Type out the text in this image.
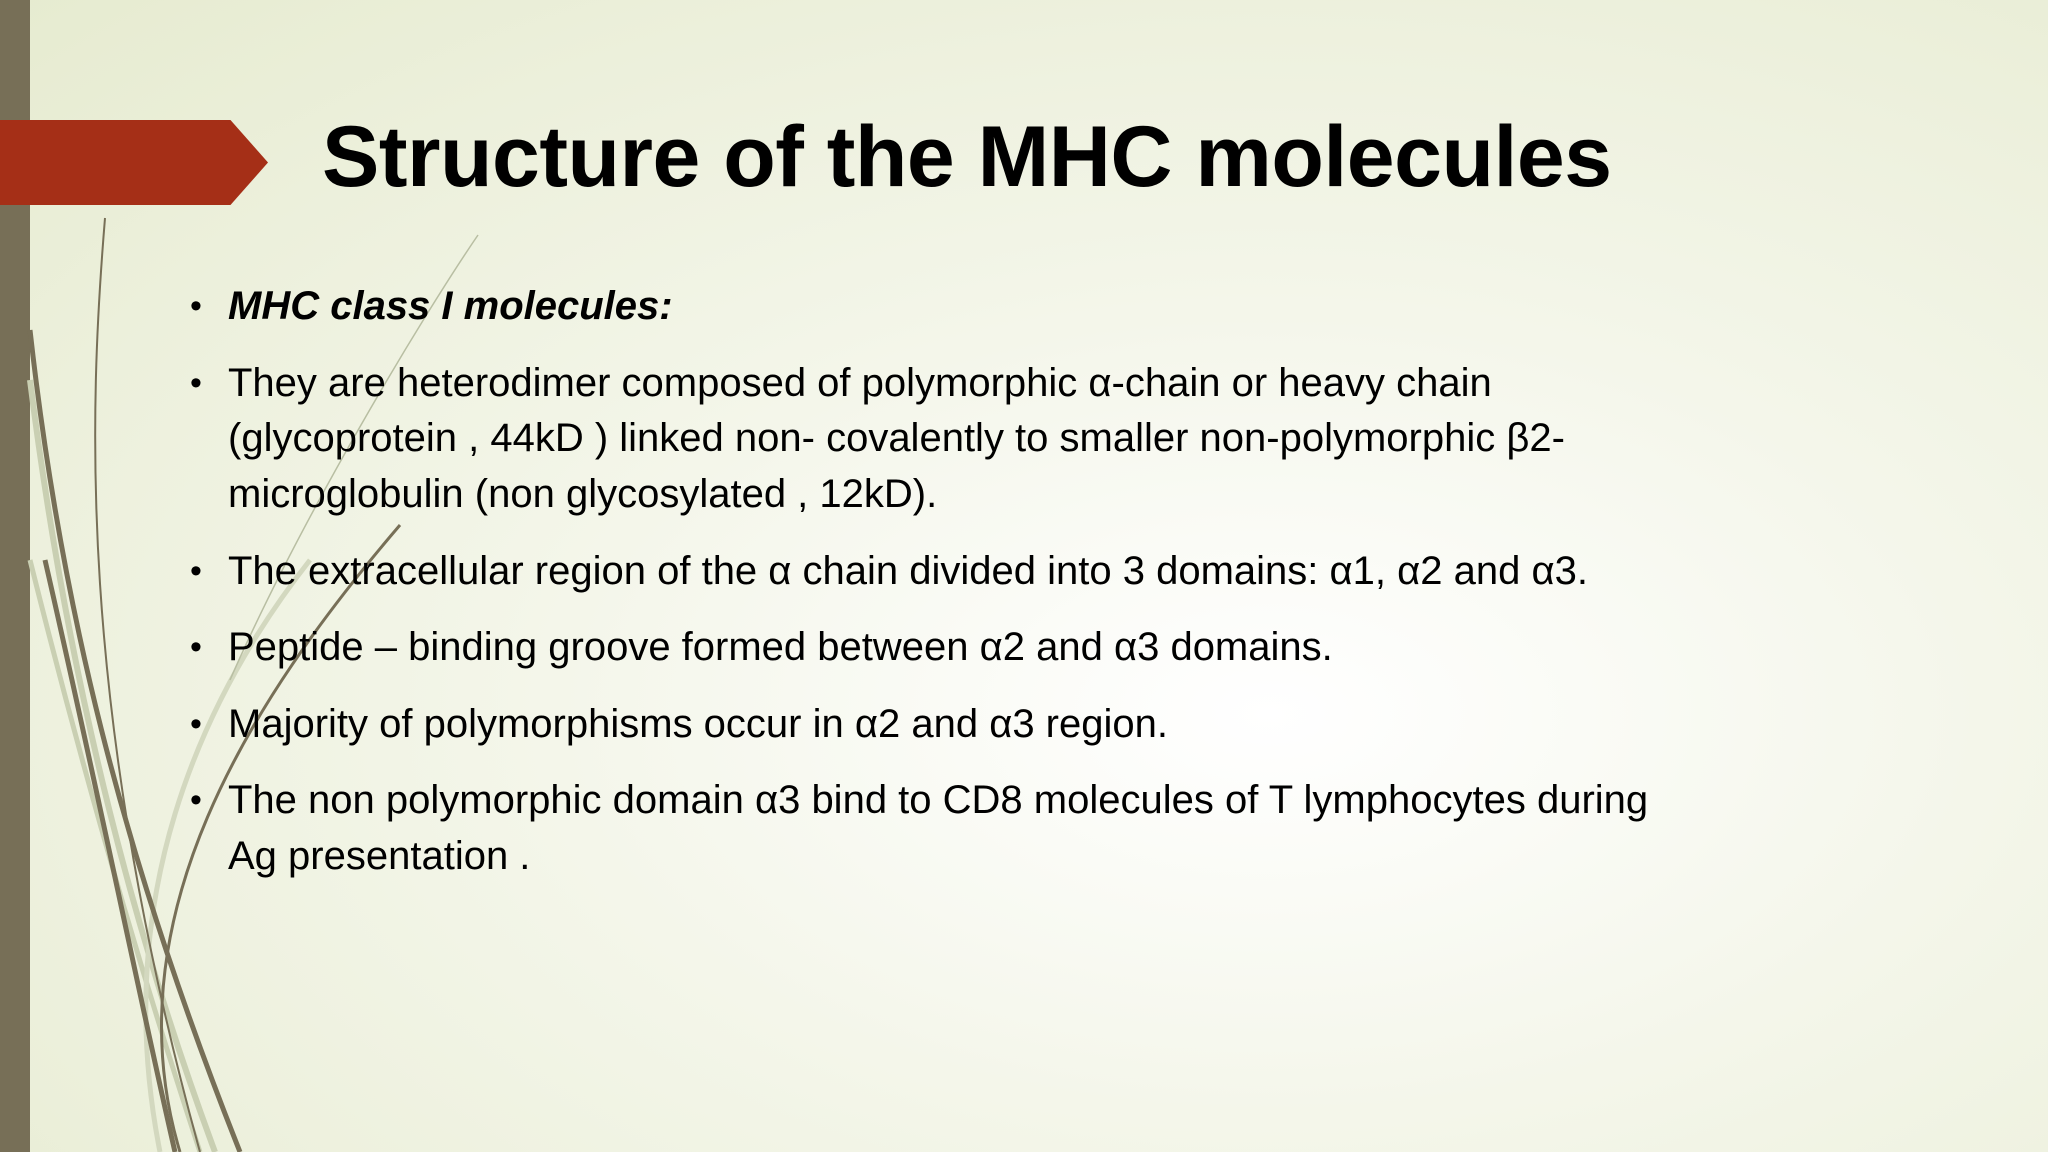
Structure of the MHC molecules
• MHC class I molecules:
• They are heterodimer composed of polymorphic α-chain or heavy chain
(glycoprotein , 44kD ) linked non- covalently to smaller non-polymorphic β2-
microglobulin (non glycosylated , 12kD).
• The extracellular region of the α chain divided into 3 domains: α1, α2 and α3.
• Peptide – binding groove formed between α2 and α3 domains.
• Majority of polymorphisms occur in α2 and α3 region.
• The non polymorphic domain α3 bind to CD8 molecules of T lymphocytes during
Ag presentation .
